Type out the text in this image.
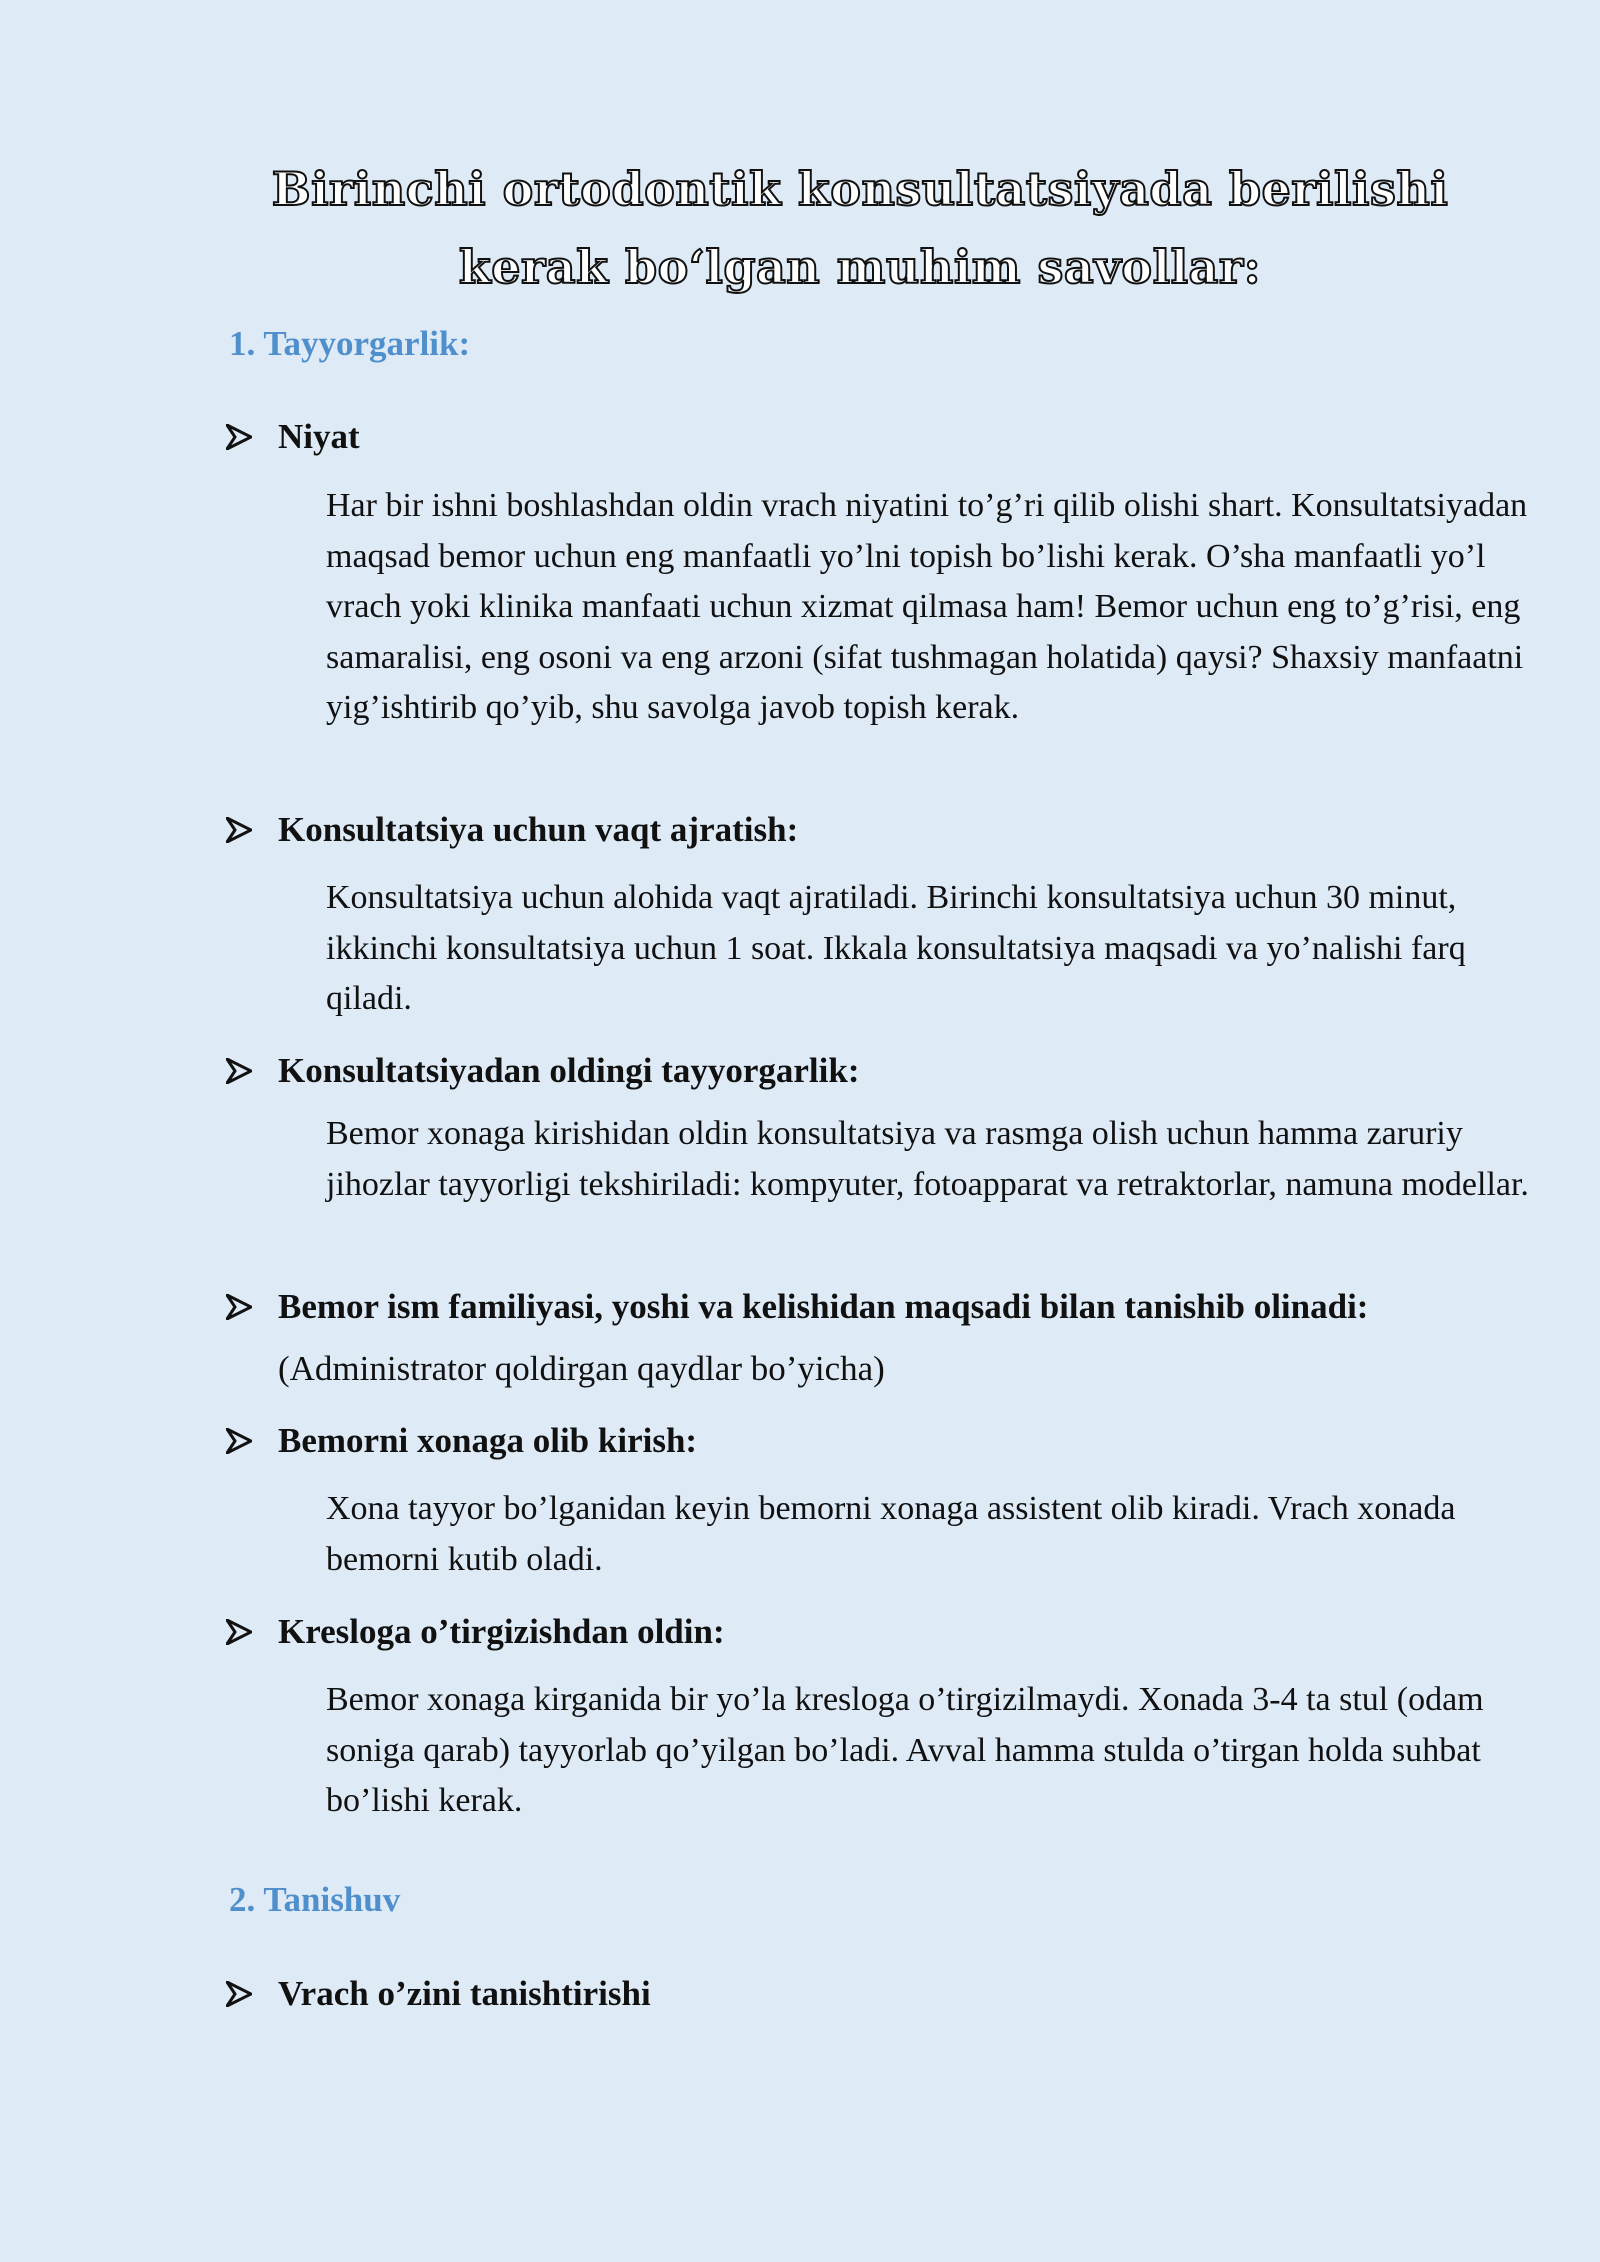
Birinchi ortodontik konsultatsiyada berilishi kerak bo‘lgan muhim savollar:
1. Tayyorgarlik:
Niyat

Har bir ishni boshlashdan oldin vrach niyatini to’g’ri qilib olishi shart. Konsultatsiyadan maqsad bemor uchun eng manfaatli yo’lni topish bo’lishi kerak. O’sha manfaatli yo’l vrach yoki klinika manfaati uchun xizmat qilmasa ham! Bemor uchun eng to’g’risi, eng samaralisi, eng osoni va eng arzoni (sifat tushmagan holatida) qaysi? Shaxsiy manfaatni yig’ishtirib qo’yib, shu savolga javob topish kerak.

Konsultatsiya uchun vaqt ajratish:

Konsultatsiya uchun alohida vaqt ajratiladi. Birinchi konsultatsiya uchun 30 minut, ikkinchi konsultatsiya uchun 1 soat. Ikkala konsultatsiya maqsadi va yo’nalishi farq qiladi.

Konsultatsiyadan oldingi tayyorgarlik:

Bemor xonaga kirishidan oldin konsultatsiya va rasmga olish uchun hamma zaruriy jihozlar tayyorligi tekshiriladi: kompyuter, fotoapparat va retraktorlar, namuna modellar.

Bemor ism familiyasi, yoshi va kelishidan maqsadi bilan tanishib olinadi:  (Administrator qoldirgan qaydlar bo’yicha)
Bemorni xonaga olib kirish:

Xona tayyor bo’lganidan keyin bemorni xonaga assistent olib kiradi. Vrach xonada bemorni kutib oladi.

Kresloga o’tirgizishdan oldin:

Bemor xonaga kirganida bir yo’la kresloga o’tirgizilmaydi. Xonada 3-4 ta stul (odam soniga qarab) tayyorlab qo’yilgan bo’ladi. Avval hamma stulda o’tirgan holda suhbat bo’lishi kerak.

2. Tanishuv
Vrach o’zini tanishtirishi
